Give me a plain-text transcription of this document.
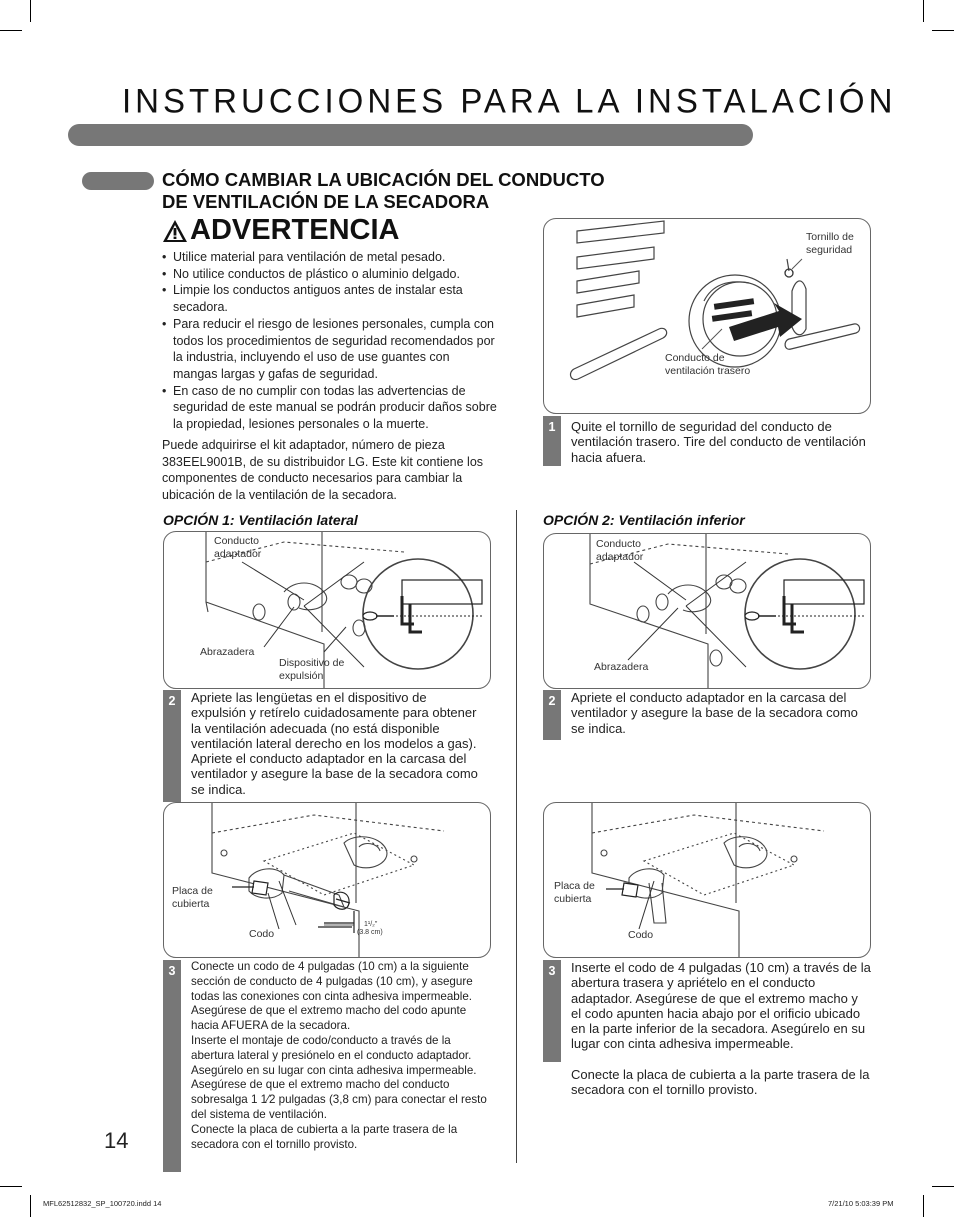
INSTRUCCIONES PARA LA INSTALACIÓN
CÓMO CAMBIAR LA UBICACIÓN DEL CONDUCTO
DE VENTILACIÓN DE LA SECADORA
ADVERTENCIA
• Utilice material para ventilación de metal pesado.
• No utilice conductos de plástico o aluminio delgado.
• Limpie los conductos antiguos antes de instalar esta secadora.
• Para reducir el riesgo de lesiones personales, cumpla con todos los procedimientos de seguridad recomendados por la industria, incluyendo el uso de use guantes con mangas largas y gafas de seguridad.
• En caso de no cumplir con todas las advertencias de seguridad de este manual se podrán producir daños sobre la propiedad, lesiones personales o la muerte.
Puede adquirirse el kit adaptador, número de pieza 383EEL9001B, de su distribuidor LG. Este kit contiene los componentes de conducto necesarios para cambiar la ubicación de la ventilación de la secadora.
Tornillo de seguridad
Conducto de ventilación trasero
1	Quite el tornillo de seguridad del conducto de ventilación trasero. Tire del conducto de ventilación hacia afuera.
OPCIÓN 1: Ventilación lateral
Conducto adaptador
Abrazadera
Dispositivo de expulsión
2	Apriete las lengüetas en el dispositivo de expulsión y retírelo cuidadosamente para obtener la ventilación adecuada (no está disponible ventilación lateral derecho en los modelos a gas). Apriete el conducto adaptador en la carcasa del ventilador y asegure la base de la secadora como se indica.
Placa de cubierta
Codo
1¹/₂"
(3.8 cm)
3	Conecte un codo de 4 pulgadas (10 cm) a la siguiente sección de conducto de 4 pulgadas (10 cm), y asegure todas las conexiones con cinta adhesiva impermeable. Asegúrese de que el extremo macho del codo apunte hacia AFUERA de la secadora.
Inserte el montaje de codo/conducto a través de la abertura lateral y presiónelo en el conducto adaptador. Asegúrelo en su lugar con cinta adhesiva impermeable.
Asegúrese de que el extremo macho del conducto sobresalga 1 1⁄2 pulgadas (3,8 cm) para conectar el resto del sistema de ventilación.
Conecte la placa de cubierta a la parte trasera de la secadora con el tornillo provisto.
OPCIÓN 2: Ventilación inferior
Conducto adaptador
Abrazadera
2	Apriete el conducto adaptador en la carcasa del ventilador y asegure la base de la secadora como se indica.
Placa de cubierta
Codo
3	Inserte el codo de 4 pulgadas (10 cm) a través de la abertura trasera y apriételo en el conducto adaptador. Asegúrese de que el extremo macho y el codo apunten hacia abajo por el orificio ubicado en la parte inferior de la secadora. Asegúrelo en su lugar con cinta adhesiva impermeable.
Conecte la placa de cubierta a la parte trasera de la secadora con el tornillo provisto.
14
MFL62512832_SP_100720.indd 14	7/21/10 5:03:39 PM
